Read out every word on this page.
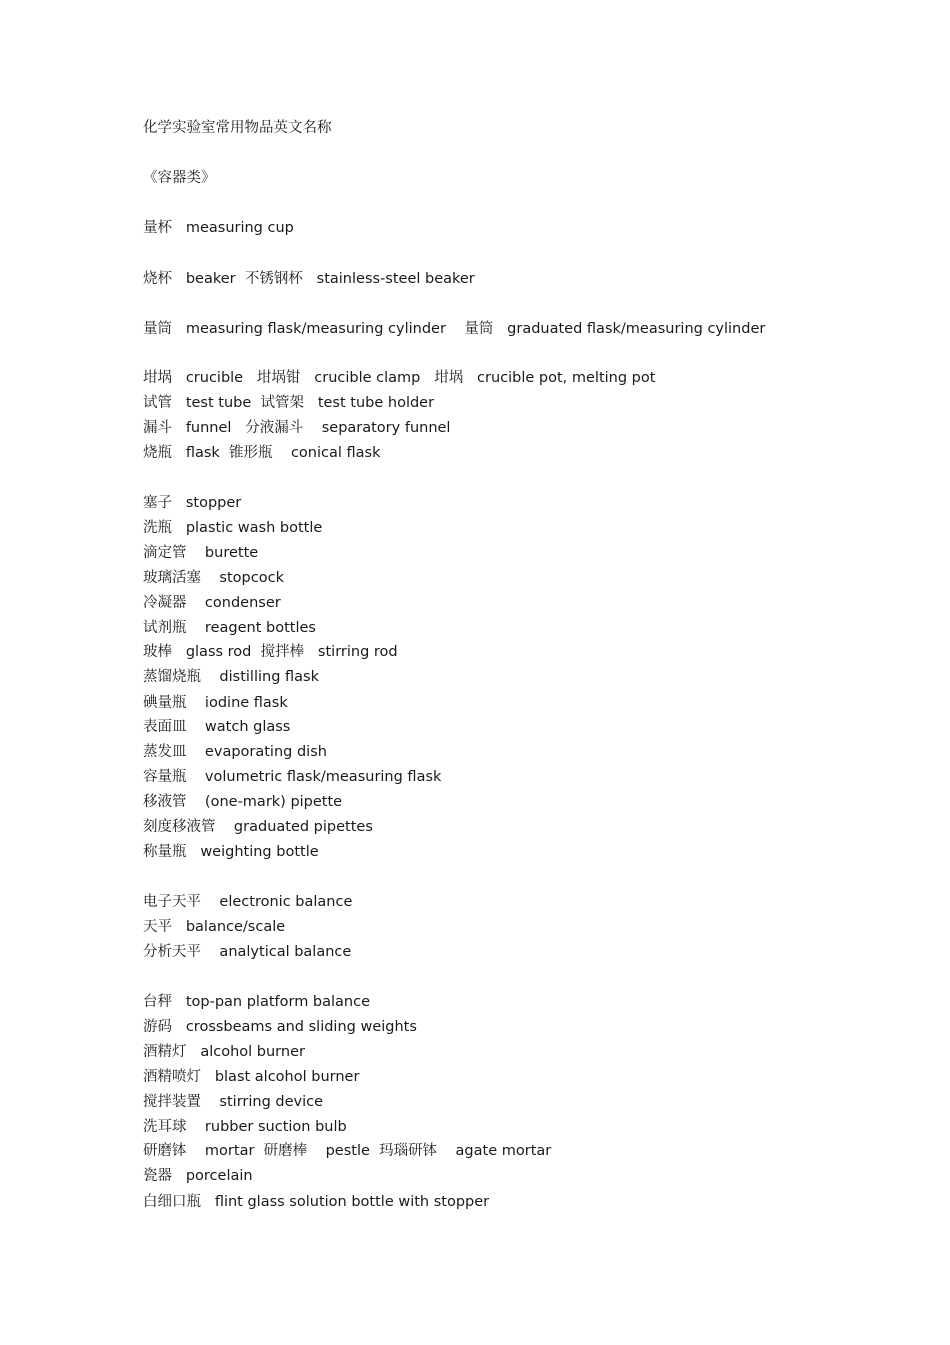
化学实验室常用物品英文名称
《容器类》
量杯   measuring cup
烧杯   beaker  不锈钢杯   stainless-steel beaker
量筒   measuring flask/measuring cylinder    量筒   graduated flask/measuring cylinder
坩埚   crucible   坩埚钳   crucible clamp   坩埚   crucible pot, melting pot
试管   test tube  试管架   test tube holder
漏斗   funnel   分液漏斗    separatory funnel
烧瓶   flask  锥形瓶    conical flask
塞子   stopper
洗瓶   plastic wash bottle
滴定管    burette
玻璃活塞    stopcock
冷凝器    condenser
试剂瓶    reagent bottles
玻棒   glass rod  搅拌棒   stirring rod
蒸馏烧瓶    distilling flask
碘量瓶    iodine flask
表面皿    watch glass
蒸发皿    evaporating dish
容量瓶    volumetric flask/measuring flask
移液管    (one-mark) pipette
刻度移液管    graduated pipettes
称量瓶   weighting bottle
电子天平    electronic balance
天平   balance/scale
分析天平    analytical balance
台秤   top-pan platform balance
游码   crossbeams and sliding weights
酒精灯   alcohol burner
酒精喷灯   blast alcohol burner
搅拌装置    stirring device
洗耳球    rubber suction bulb
研磨钵    mortar  研磨棒    pestle  玛瑙研钵    agate mortar
瓷器   porcelain
白细口瓶   flint glass solution bottle with stopper
